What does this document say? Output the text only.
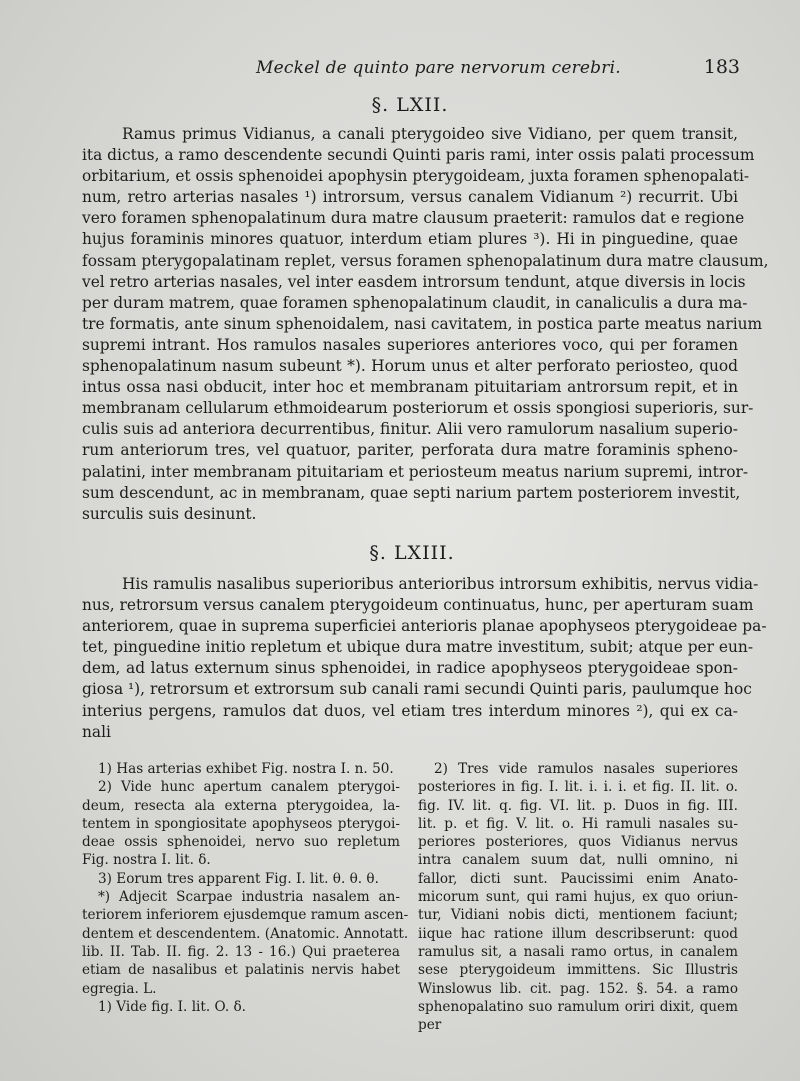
Meckel de quinto pare nervorum cerebri.	183
§. LXII.
Ramus primus Vidianus, a canali pterygoideo sive Vidiano, per quem transit,
ita dictus, a ramo descendente secundi Quinti paris rami, inter ossis palati processum
orbitarium, et ossis sphenoidei apophysin pterygoideam, juxta foramen sphenopalati-
num, retro arterias nasales ¹) introrsum, versus canalem Vidianum ²) recurrit. Ubi
vero foramen sphenopalatinum dura matre clausum praeterit: ramulos dat e regione
hujus foraminis minores quatuor, interdum etiam plures ³). Hi in pinguedine, quae
fossam pterygopalatinam replet, versus foramen sphenopalatinum dura matre clausum,
vel retro arterias nasales, vel inter easdem introrsum tendunt, atque diversis in locis
per duram matrem, quae foramen sphenopalatinum claudit, in canaliculis a dura ma-
tre formatis, ante sinum sphenoidalem, nasi cavitatem, in postica parte meatus narium
supremi intrant. Hos ramulos nasales superiores anteriores voco, qui per foramen
sphenopalatinum nasum subeunt *). Horum unus et alter perforato periosteo, quod
intus ossa nasi obducit, inter hoc et membranam pituitariam antrorsum repit, et in
membranam cellularum ethmoidearum posteriorum et ossis spongiosi superioris, sur-
culis suis ad anteriora decurrentibus, finitur. Alii vero ramulorum nasalium superio-
rum anteriorum tres, vel quatuor, pariter, perforata dura matre foraminis spheno-
palatini, inter membranam pituitariam et periosteum meatus narium supremi, intror-
sum descendunt, ac in membranam, quae septi narium partem posteriorem investit,
surculis suis desinunt.
§. LXIII.
His ramulis nasalibus superioribus anterioribus introrsum exhibitis, nervus vidia-
nus, retrorsum versus canalem pterygoideum continuatus, hunc, per aperturam suam
anteriorem, quae in suprema superficiei anterioris planae apophyseos pterygoideae pa-
tet, pinguedine initio repletum et ubique dura matre investitum, subit; atque per eun-
dem, ad latus externum sinus sphenoidei, in radice apophyseos pterygoideae spon-
giosa ¹), retrorsum et extrorsum sub canali rami secundi Quinti paris, paulumque hoc
interius pergens, ramulos dat duos, vel etiam tres interdum minores ²), qui ex ca-
nali
1) Has arterias exhibet Fig. nostra I. n. 50.
2) Vide hunc apertum canalem pterygoi-
deum, resecta ala externa pterygoidea, la-
tentem in spongiositate apophyseos pterygoi-
deae ossis sphenoidei, nervo suo repletum
Fig. nostra I. lit. δ.
3) Eorum tres apparent Fig. I. lit. θ. θ. θ.
*) Adjecit Scarpae industria nasalem an-
teriorem inferiorem ejusdemque ramum ascen-
dentem et descendentem. (Anatomic. Annotatt.
lib. II. Tab. II. fig. 2. 13 - 16.) Qui praeterea
etiam de nasalibus et palatinis nervis habet
egregia. L.
1) Vide fig. I. lit. O. δ.
2) Tres vide ramulos nasales superiores
posteriores in fig. I. lit. i. i. i. et fig. II. lit. o.
fig. IV. lit. q. fig. VI. lit. p. Duos in fig. III.
lit. p. et fig. V. lit. o. Hi ramuli nasales su-
periores posteriores, quos Vidianus nervus
intra canalem suum dat, nulli omnino, ni
fallor, dicti sunt. Paucissimi enim Anato-
micorum sunt, qui rami hujus, ex quo oriun-
tur, Vidiani nobis dicti, mentionem faciunt;
iique hac ratione illum describserunt: quod
ramulus sit, a nasali ramo ortus, in canalem
sese pterygoideum immittens. Sic Illustris
Winslowus lib. cit. pag. 152. §. 54. a ramo
sphenopalatino suo ramulum oriri dixit, quem
per
